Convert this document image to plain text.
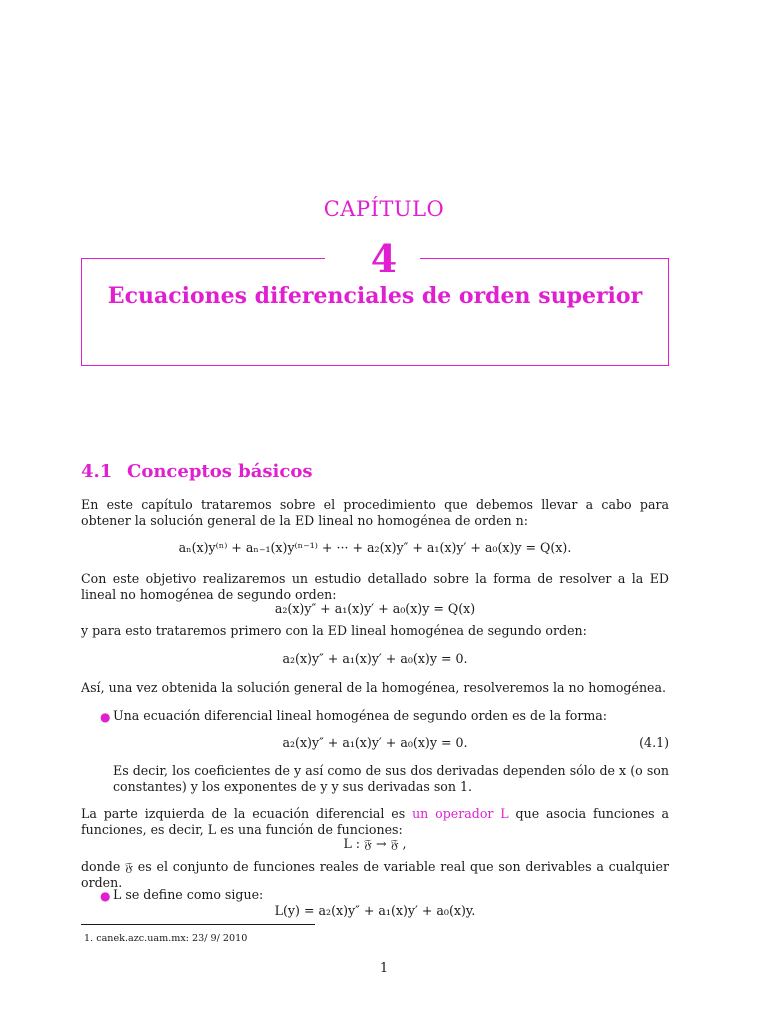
CAPÍTULO
4
Ecuaciones diferenciales de orden superior
4.1 Conceptos básicos
En este capítulo trataremos sobre el procedimiento que debemos llevar a cabo para obtener la solución general de la ED lineal no homogénea de orden n:
aₙ(x)y⁽ⁿ⁾ + aₙ₋₁(x)y⁽ⁿ⁻¹⁾ + ··· + a₂(x)y″ + a₁(x)y′ + a₀(x)y = Q(x).
Con este objetivo realizaremos un estudio detallado sobre la forma de resolver a la ED lineal no homogénea de segundo orden:
a₂(x)y″ + a₁(x)y′ + a₀(x)y = Q(x)
y para esto trataremos primero con la ED lineal homogénea de segundo orden:
a₂(x)y″ + a₁(x)y′ + a₀(x)y = 0.
Así, una vez obtenida la solución general de la homogénea, resolveremos la no homogénea.
● Una ecuación diferencial lineal homogénea de segundo orden es de la forma:
a₂(x)y″ + a₁(x)y′ + a₀(x)y = 0.	(4.1)
Es decir, los coeficientes de y así como de sus dos derivadas dependen sólo de x (o son constantes) y los exponentes de y y sus derivadas son 1.
La parte izquierda de la ecuación diferencial es un operador L que asocia funciones a funciones, es decir, L es una función de funciones:
L : 𝔉 → 𝔉 ,
donde 𝔉 es el conjunto de funciones reales de variable real que son derivables a cualquier orden.
● L se define como sigue:
L(y) = a₂(x)y″ + a₁(x)y′ + a₀(x)y.
1. canek.azc.uam.mx: 23/ 9/ 2010
1
